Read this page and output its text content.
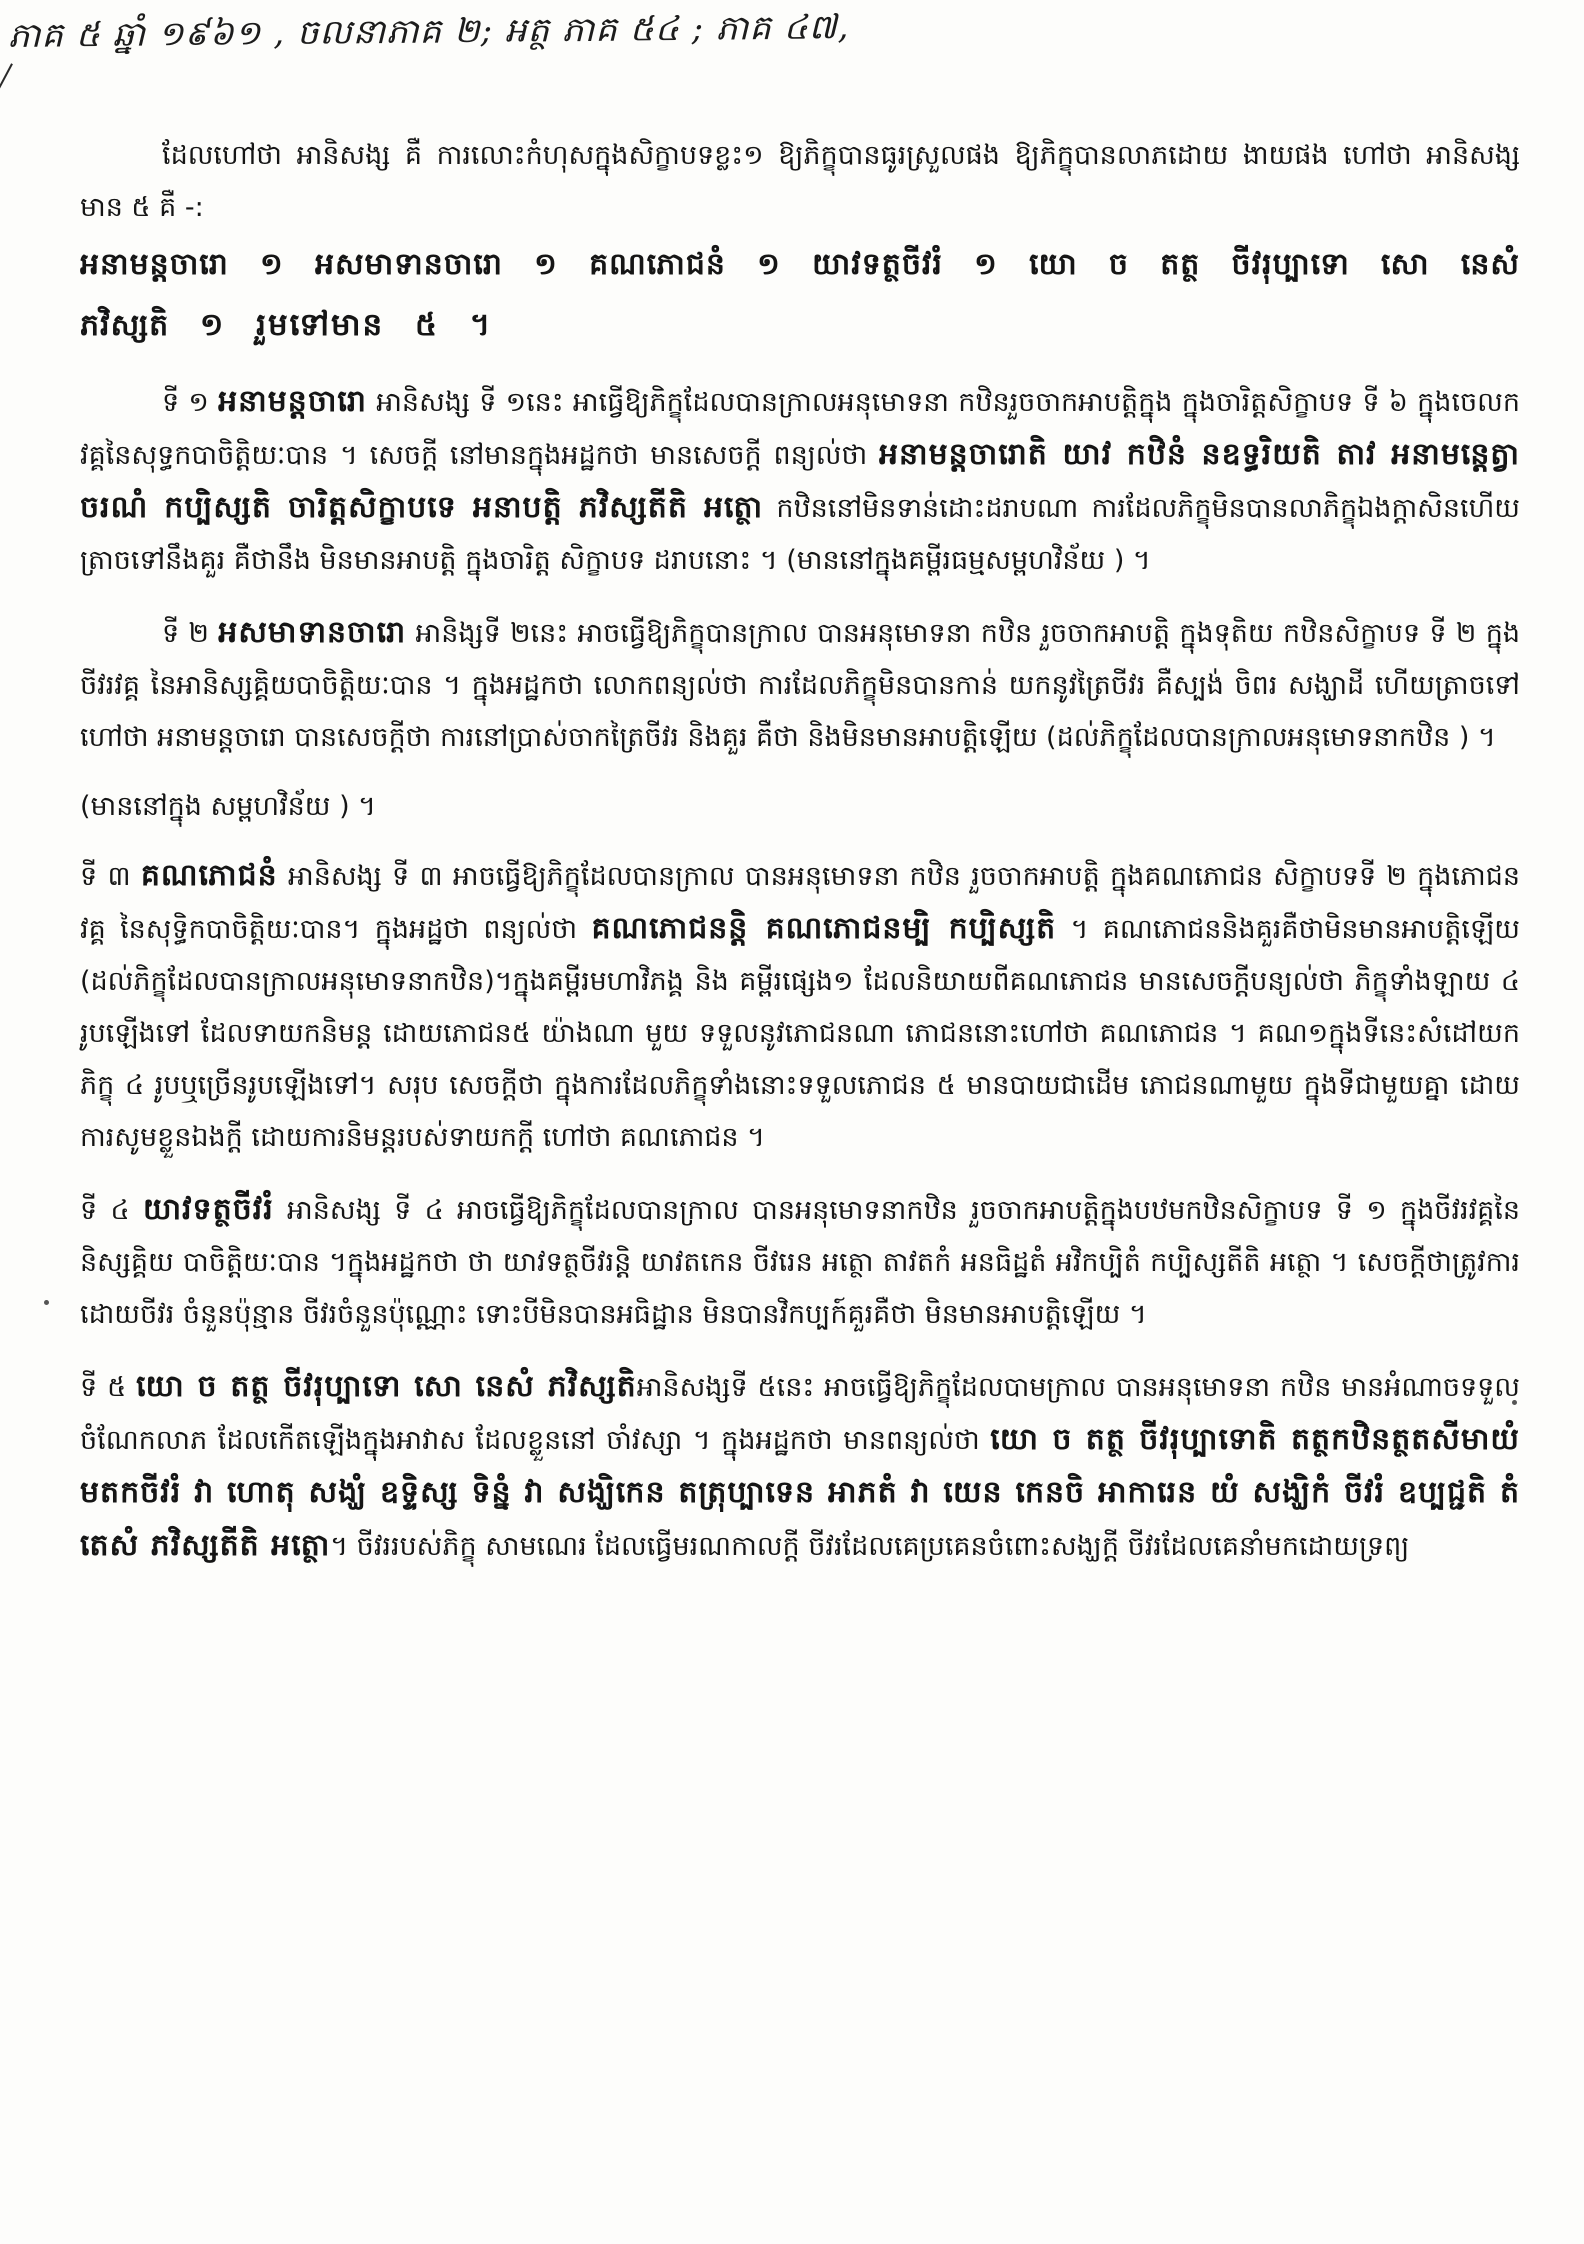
ភាគ ៥ ឆ្នាំ ១៩៦១ , ចលនាភាគ ២; អត្ថ ភាគ ៥៤ ; ភាគ ៤៧,

ដែលហៅថា អានិសង្ស គឺ ការលោះកំហុសក្នុងសិក្ខាបទខ្លះ១ ឱ្យភិក្ខុបានធូរស្រួលផង ឱ្យភិក្ខុបានលាភដោយ ងាយផង ហៅថា អានិសង្ស មាន ៥ គឺ -:

អនាមន្តចារោ ១ អសមាទានចារោ ១ គណភោជនំ ១ យាវទត្ថចីវរំ ១ យោ ច តត្ថ ចីវរុប្បាទោ សោ នេសំ ភវិស្សតិ ១ រួមទៅមាន ៥ ។

ទី ១ អនាមន្តចារោ អានិសង្ស ទី ១នេះ អាធ្វើឱ្យភិក្ខុដែលបានក្រាលអនុមោទនា កឋិនរួចចាកអាបត្តិក្នុង ក្នុងចារិត្តសិក្ខាបទ ទី ៦ ក្នុងចេលកវគ្គនៃសុទ្ធកបាចិត្តិយៈបាន ។ សេចក្តី នៅមានក្នុងអដ្ឋកថា មានសេចក្តី ពន្យល់ថា អនាមន្តចារោតិ យាវ កឋិនំ នឧទ្ធរិយតិ តាវ អនាមន្តេត្វា ចរណំ កប្បិស្សតិ ចារិត្តសិក្ខាបទេ អនាបត្តិ ភវិស្សតីតិ អត្ថោ កឋិននៅមិនទាន់ដោះដរាបណា ការដែលភិក្ខុមិនបានលាភិក្ខុឯងក្តាសិនហើយត្រាចទៅនឹងគួរ គឺថានឹង មិនមានអាបត្តិ ក្នុងចារិត្ត សិក្ខាបទ ដរាបនោះ ។ (មាននៅក្នុងគម្ពីរធម្មសម្ពហវិន័យ ) ។

ទី ២ អសមាទានចារោ អានិង្សទី ២នេះ អាចធ្វើឱ្យភិក្ខុបានក្រាល បានអនុមោទនា កឋិន រួចចាកអាបត្តិ ក្នុងទុតិយ កឋិនសិក្ខាបទ ទី ២ ក្នុងចីវរវគ្គ នៃអានិស្សគ្គិយបាចិត្តិយៈបាន ។ ក្នុងអដ្ឋកថា លោកពន្យល់ថា ការដែលភិក្ខុមិនបានកាន់ យកនូវត្រៃចីវរ គឺស្បង់ ចិពរ សង្ឃាដី ហើយត្រាចទៅ ហៅថា អនាមន្តចារោ បានសេចក្តីថា ការនៅប្រាស់ចាកត្រៃចីវរ និងគួរ គឺថា និងមិនមានអាបត្តិឡើយ (ដល់ភិក្ខុដែលបានក្រាលអនុមោទនាកឋិន ) ។

(មាននៅក្នុង សម្ពហវិន័យ ) ។

ទី ៣ គណភោជនំ អានិសង្ស ទី ៣ អាចធ្វើឱ្យភិក្ខុដែលបានក្រាល បានអនុមោទនា កឋិន រួចចាកអាបត្តិ ក្នុងគណភោជន សិក្ខាបទទី ២ ក្នុងភោជនវគ្គ នៃសុទ្ធិកបាចិត្តិយៈបាន។ ក្នុងអដ្ឋថា ពន្យល់ថា គណភោជនន្តិ គណភោជនម្បិ កប្បិស្សតិ ។ គណភោជននិងគួរគឺថាមិនមានអាបត្តិឡើយ (ដល់ភិក្ខុដែលបានក្រាលអនុមោទនាកឋិន)។ក្នុងគម្ពីរមហាវិភង្គ និង គម្ពីរផ្សេង១ ដែលនិយាយពីគណភោជន មានសេចក្តីបន្យល់ថា ភិក្ខុទាំងឡាយ ៤ រូបឡើងទៅ ដែលទាយកនិមន្ត ដោយភោជន៥ យ៉ាងណា មួយ ទទួលនូវភោជនណា ភោជននោះហៅថា គណភោជន ។ គណ១ក្នុងទីនេះសំដៅយកភិក្ខុ ៤ រូបឬច្រើនរូបឡើងទៅ។ សរុប សេចក្តីថា ក្នុងការដែលភិក្ខុទាំងនោះទទួលភោជន ៥ មានបាយជាដើម ភោជនណាមួយ ក្នុងទីជាមួយគ្នា ដោយការសូមខ្លួនឯងក្តី ដោយការនិមន្តរបស់ទាយកក្តី ហៅថា គណភោជន ។

ទី ៤ យាវទត្ថចីវរំ អានិសង្ស ទី ៤ អាចធ្វើឱ្យភិក្ខុដែលបានក្រាល បានអនុមោទនាកឋិន រួចចាកអាបត្តិក្នុងបឋមកឋិនសិក្ខាបទ ទី ១ ក្នុងចីវរវគ្គនៃនិស្សគ្គិយ បាចិត្តិយៈបាន ។ក្នុងអដ្ឋកថា ថា យាវទត្ថចីវរន្តិ យាវតកេន ចីវរេន អត្ថោ តាវតកំ អនធិដ្ឋតំ អវិកប្បិតំ កប្បិស្សតីតិ អត្ថោ ។ សេចក្តីថាត្រូវការដោយចីវរ ចំនួនប៉ុន្មាន ចីវរចំនួនប៉ុណ្ណោះ ទោះបីមិនបានអធិដ្ឋាន មិនបានវិកប្បក៍គួរគឺថា មិនមានអាបត្តិឡើយ ។

ទី ៥ យោ ច តត្ថ ចីវរុប្បាទោ សោ នេសំ ភវិស្សតិអានិសង្សទី ៥នេះ អាចធ្វើឱ្យភិក្ខុដែលបាមក្រាល បានអនុមោទនា កឋិន មានអំណាចទទួលចំណែកលាភ ដែលកើតឡើងក្នុងអាវាស ដែលខ្លួននៅ ចាំវស្សា ។ ក្នុងអដ្ឋកថា មានពន្យល់ថា យោ ច តត្ថ ចីវរុប្បាទោតិ តត្ថកឋិនត្ថតសីមាយំ មតកចីវរំ វា ហោតុ សង្ឃំ ឧទ្ទិស្ស ទិន្នំ វា សង្ឃិកេន តត្រុប្បាទេន អាភតំ វា យេន កេនចិ អាការេន យំ សង្ឃិកំ ចីវរំ ឧប្បជ្ជតិ តំ តេសំ ភវិស្សតីតិ អត្ថោ។ ចីវររបស់ភិក្ខុ សាមណេរ ដែលធ្វើមរណកាលក្តី ចីវរដែលគេប្រគេនចំពោះសង្ឃក្តី ចីវរដែលគេនាំមកដោយទ្រព្យ
